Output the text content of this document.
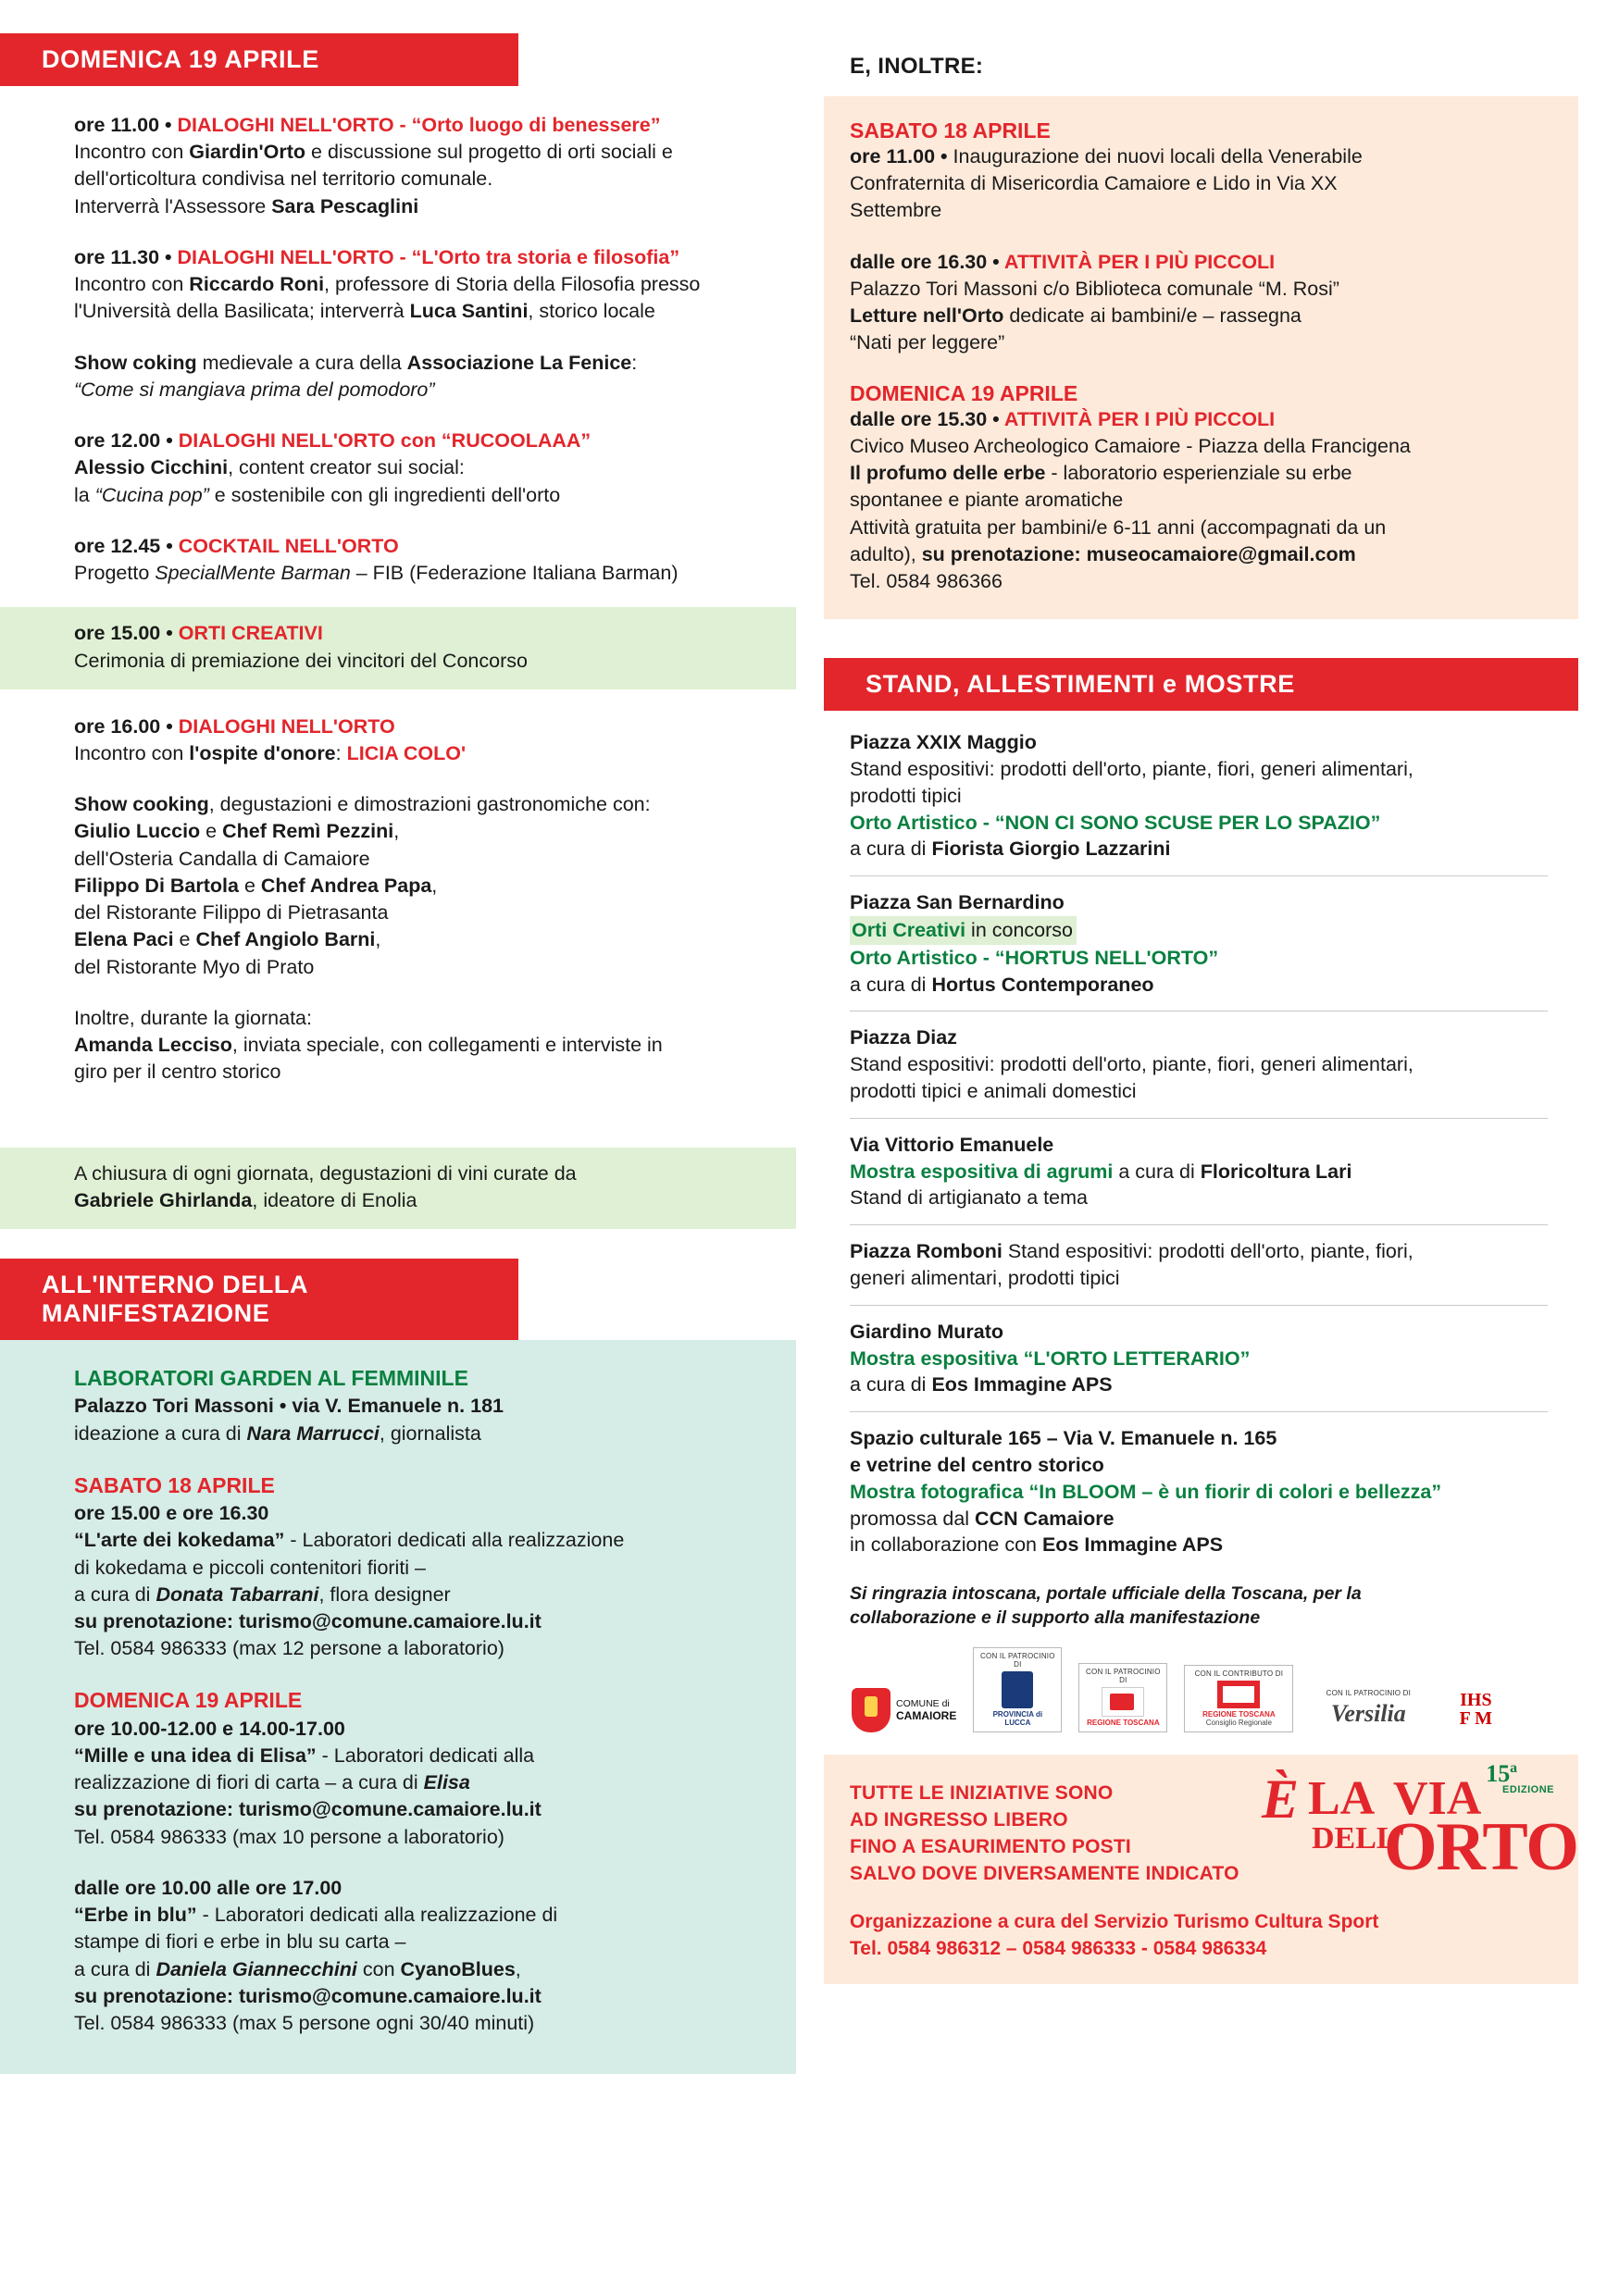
DOMENICA 19 APRILE
ore 11.00 • DIALOGHI NELL'ORTO - “Orto luogo di benessere”
Incontro con Giardin'Orto e discussione sul progetto di orti sociali e
dell'orticoltura condivisa nel territorio comunale.
Interverrà l'Assessore Sara Pescaglini
ore 11.30 • DIALOGHI NELL'ORTO - “L'Orto tra storia e filosofia”
Incontro con Riccardo Roni, professore di Storia della Filosofia presso
l'Università della Basilicata; interverrà Luca Santini, storico locale
Show coking medievale a cura della Associazione La Fenice:
“Come si mangiava prima del pomodoro”
ore 12.00 • DIALOGHI NELL'ORTO con “RUCOOLAAA”
Alessio Cicchini, content creator sui social:
la “Cucina pop” e sostenibile con gli ingredienti dell'orto
ore 12.45 • COCKTAIL NELL'ORTO
Progetto SpecialMente Barman – FIB (Federazione Italiana Barman)
ore 15.00 • ORTI CREATIVI
Cerimonia di premiazione dei vincitori del Concorso
ore 16.00 • DIALOGHI NELL'ORTO
Incontro con l'ospite d'onore: LICIA COLO'
Show cooking, degustazioni e dimostrazioni gastronomiche con:
Giulio Luccio e Chef Remì Pezzini,
dell'Osteria Candalla di Camaiore
Filippo Di Bartola e Chef Andrea Papa,
del Ristorante Filippo di Pietrasanta
Elena Paci e Chef Angiolo Barni,
del Ristorante Myo di Prato
Inoltre, durante la giornata:
Amanda Lecciso, inviata speciale, con collegamenti e interviste in
giro per il centro storico
A chiusura di ogni giornata, degustazioni di vini curate da
Gabriele Ghirlanda, ideatore di Enolia
ALL'INTERNO DELLA MANIFESTAZIONE
LABORATORI GARDEN AL FEMMINILE
Palazzo Tori Massoni • via V. Emanuele n. 181
ideazione a cura di Nara Marrucci, giornalista
SABATO 18 APRILE
ore 15.00 e ore 16.30
“L'arte dei kokedama” - Laboratori dedicati alla realizzazione
di kokedama e piccoli contenitori fioriti –
a cura di Donata Tabarrani, flora designer
su prenotazione: turismo@comune.camaiore.lu.it
Tel. 0584 986333 (max 12 persone a laboratorio)
DOMENICA 19 APRILE
ore 10.00-12.00 e 14.00-17.00
“Mille e una idea di Elisa” - Laboratori dedicati alla
realizzazione di fiori di carta – a cura di Elisa
su prenotazione: turismo@comune.camaiore.lu.it
Tel. 0584 986333 (max 10 persone a laboratorio)
dalle ore 10.00 alle ore 17.00
“Erbe in blu” - Laboratori dedicati alla realizzazione di
stampe di fiori e erbe in blu su carta –
a cura di Daniela Giannecchini con CyanoBlues,
su prenotazione: turismo@comune.camaiore.lu.it
Tel. 0584 986333 (max 5 persone ogni 30/40 minuti)
E, INOLTRE:
SABATO 18 APRILE
ore 11.00 • Inaugurazione dei nuovi locali della Venerabile
Confraternita di Misericordia Camaiore e Lido in Via XX
Settembre
dalle ore 16.30 • ATTIVITÀ PER I PIÙ PICCOLI
Palazzo Tori Massoni c/o Biblioteca comunale “M. Rosi”
Letture nell'Orto dedicate ai bambini/e – rassegna
“Nati per leggere”
DOMENICA 19 APRILE
dalle ore 15.30 • ATTIVITÀ PER I PIÙ PICCOLI
Civico Museo Archeologico Camaiore - Piazza della Francigena
Il profumo delle erbe - laboratorio esperienziale su erbe
spontanee e piante aromatiche
Attività gratuita per bambini/e 6-11 anni (accompagnati da un
adulto), su prenotazione: museocamaiore@gmail.com
Tel. 0584 986366
STAND, ALLESTIMENTI e MOSTRE
Piazza XXIX Maggio
Stand espositivi: prodotti dell'orto, piante, fiori, generi alimentari,
prodotti tipici
Orto Artistico - “NON CI SONO SCUSE PER LO SPAZIO”
a cura di Fiorista Giorgio Lazzarini
Piazza San Bernardino
Orti Creativi in concorso
Orto Artistico - “HORTUS NELL'ORTO”
a cura di Hortus Contemporaneo
Piazza Diaz
Stand espositivi: prodotti dell'orto, piante, fiori, generi alimentari,
prodotti tipici e animali domestici
Via Vittorio Emanuele
Mostra espositiva di agrumi a cura di Floricoltura Lari
Stand di artigianato a tema
Piazza Romboni Stand espositivi: prodotti dell'orto, piante, fiori,
generi alimentari, prodotti tipici
Giardino Murato
Mostra espositiva “L'ORTO LETTERARIO”
a cura di Eos Immagine APS
Spazio culturale 165 – Via V. Emanuele n. 165
e vetrine del centro storico
Mostra fotografica “In BLOOM – è un fiorir di colori e bellezza”
promossa dal CCN Camaiore
in collaborazione con Eos Immagine APS
Si ringrazia intoscana, portale ufficiale della Toscana, per la
collaborazione e il supporto alla manifestazione
COMUNE di
CAMAIORE
CON IL PATROCINIO DI
PROVINCIA di LUCCA
CON IL PATROCINIO DI
REGIONE TOSCANA
CON IL CONTRIBUTO DI
REGIONE TOSCANA
Consiglio Regionale
CON IL PATROCINIO DI
Versilia	IHS
F M
TUTTE LE INIZIATIVE SONO
AD INGRESSO LIBERO
FINO A ESAURIMENTO POSTI
SALVO DOVE DIVERSAMENTE INDICATO
Organizzazione a cura del Servizio Turismo Cultura Sport
Tel. 0584 986312 – 0584 986333 - 0584 986334
È LA VIA
DELL'
ORTO
15ª
EDIZIONE
